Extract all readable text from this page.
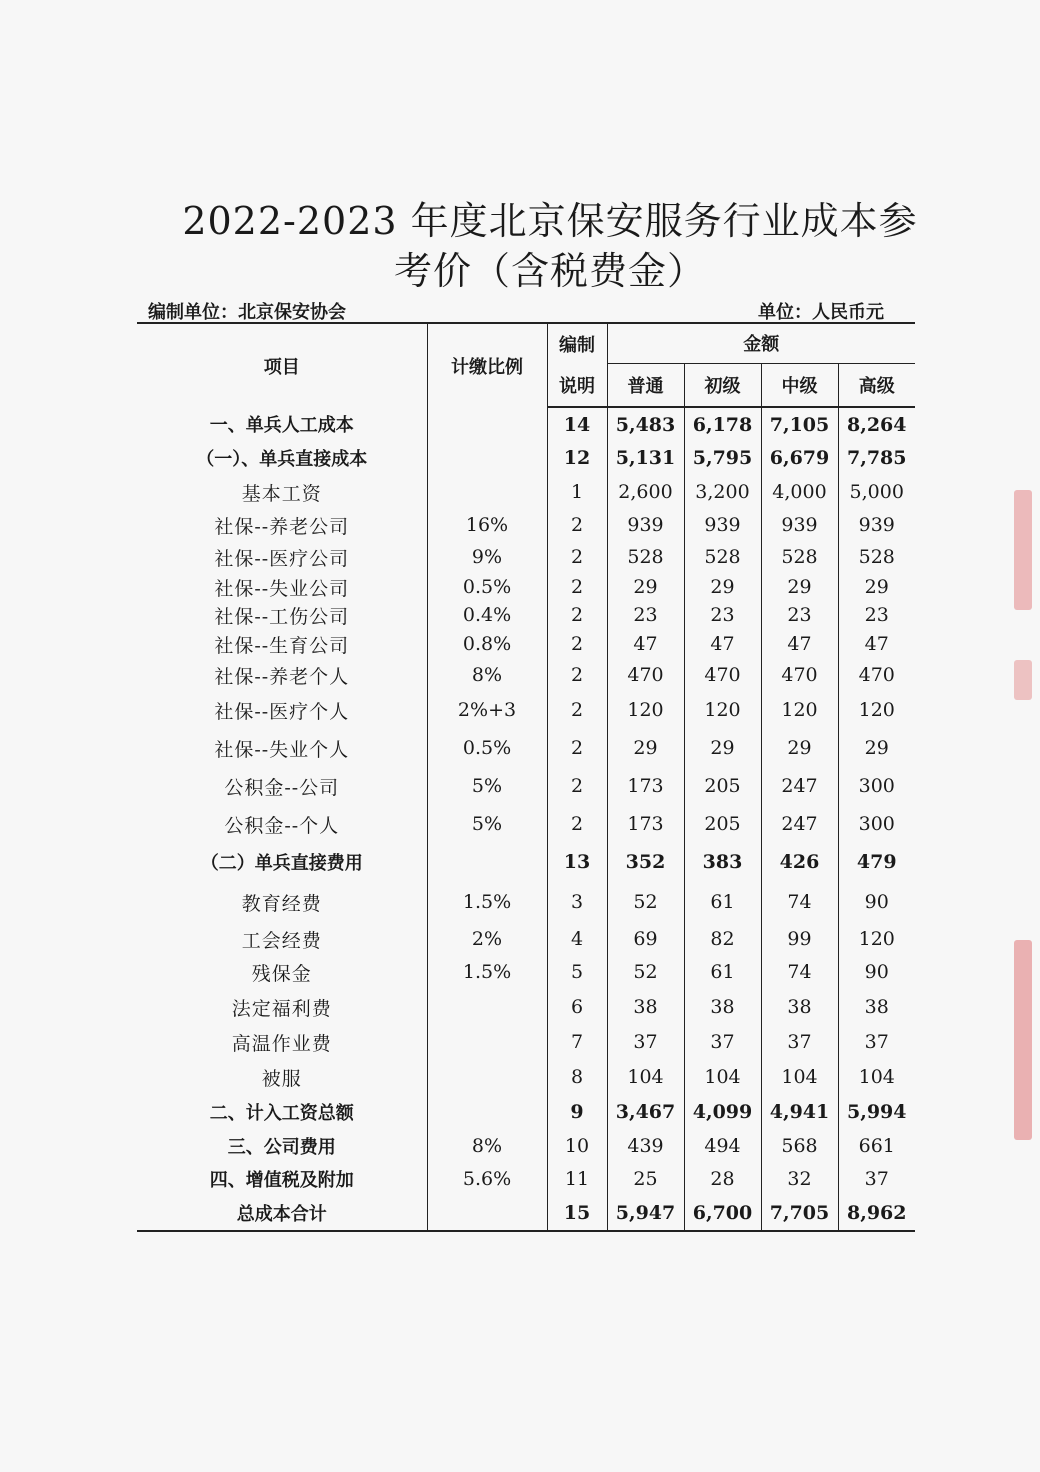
2022-2023 年度北京保安服务行业成本参
考价（含税费金）
编制单位：北京保安协会	单位：人民币元
项目	计缴比例	编制	金额			
		说明	普通	初级	中级	高级
一、单兵人工成本		14	5,483	6,178	7,105	8,264
（一）、单兵直接成本		12	5,131	5,795	6,679	7,785
基本工资		1	2,600	3,200	4,000	5,000
社保--养老公司	16%	2	939	939	939	939
社保--医疗公司	9%	2	528	528	528	528
社保--失业公司	0.5%	2	29	29	29	29
社保--工伤公司	0.4%	2	23	23	23	23
社保--生育公司	0.8%	2	47	47	47	47
社保--养老个人	8%	2	470	470	470	470
社保--医疗个人	2%+3	2	120	120	120	120
社保--失业个人	0.5%	2	29	29	29	29
公积金--公司	5%	2	173	205	247	300
公积金--个人	5%	2	173	205	247	300
（二）单兵直接费用		13	352	383	426	479
教育经费	1.5%	3	52	61	74	90
工会经费	2%	4	69	82	99	120
残保金	1.5%	5	52	61	74	90
法定福利费		6	38	38	38	38
高温作业费		7	37	37	37	37
被服		8	104	104	104	104
二、计入工资总额		9	3,467	4,099	4,941	5,994
三、公司费用	8%	10	439	494	568	661
四、增值税及附加	5.6%	11	25	28	32	37
总成本合计		15	5,947	6,700	7,705	8,962
